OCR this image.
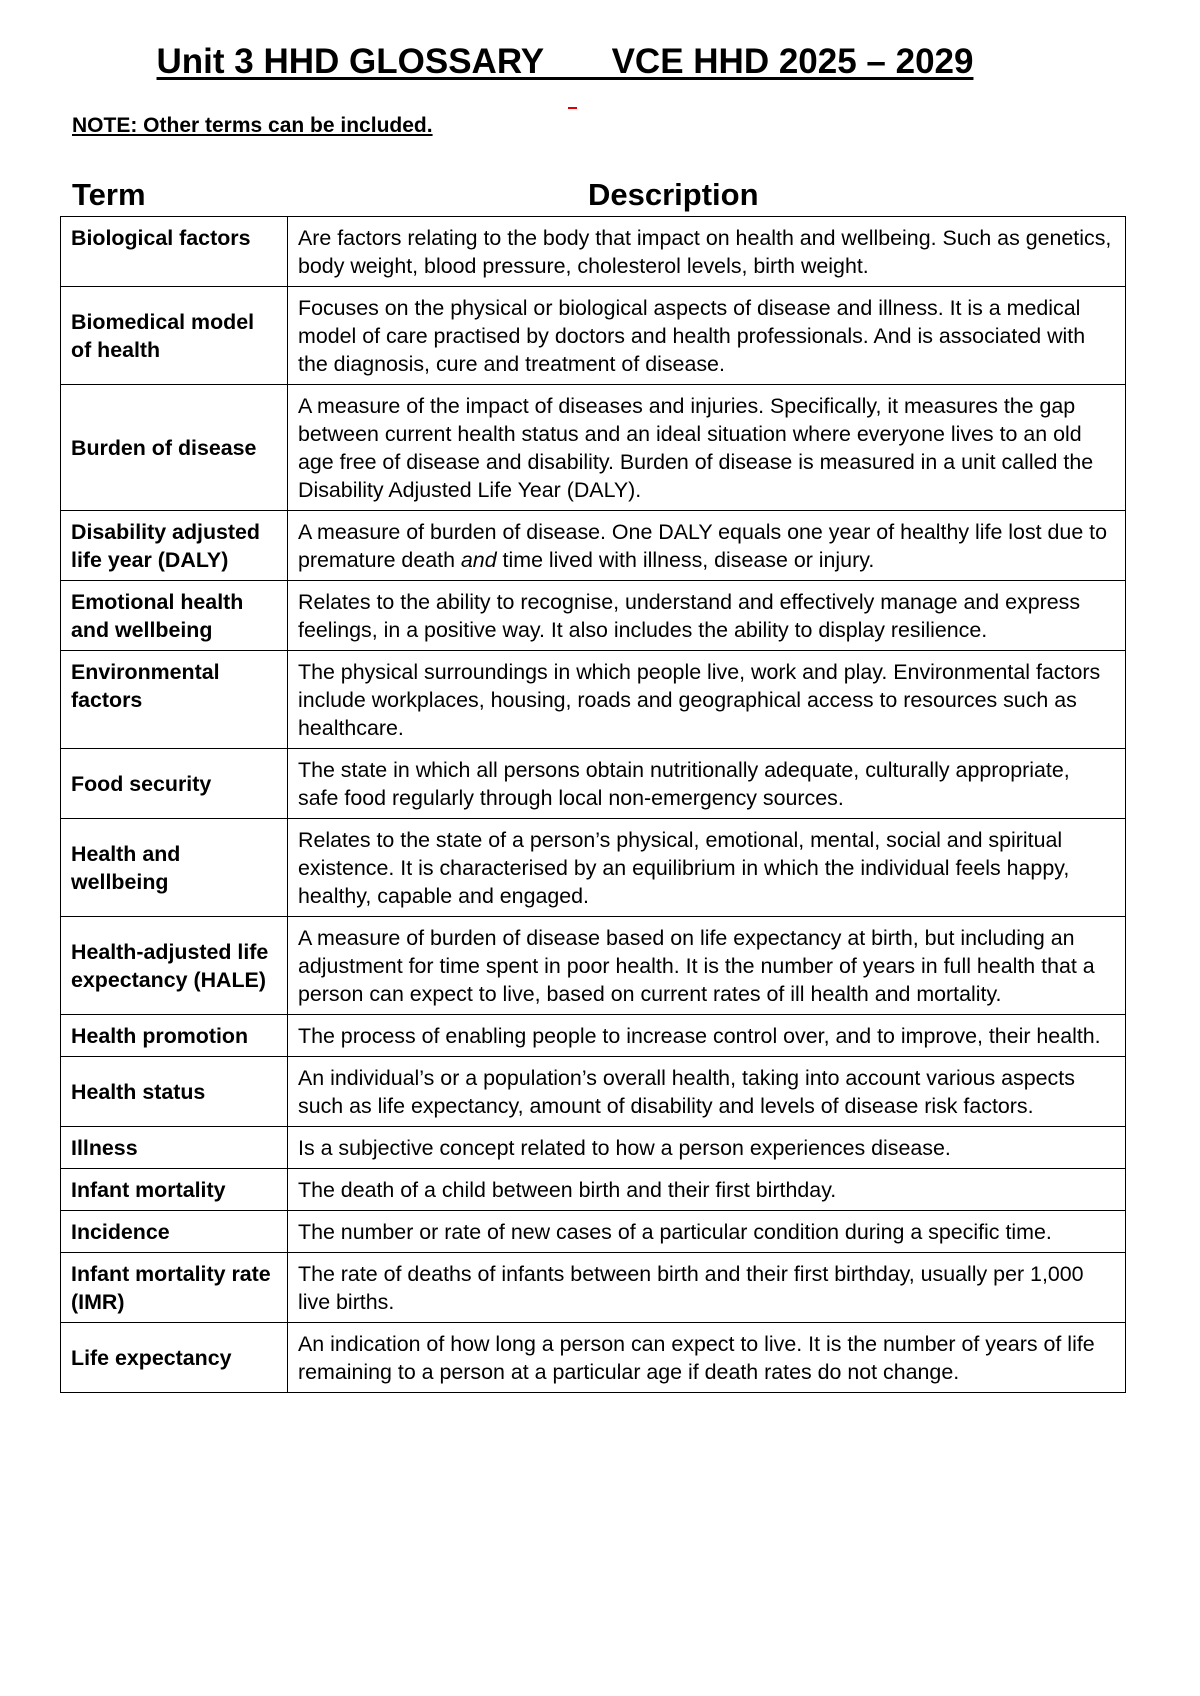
Unit 3 HHD GLOSSARY       VCE HHD 2025 – 2029
NOTE: Other terms can be included.
Term	Description
Biological factors	Are factors relating to the body that impact on health and wellbeing. Such as genetics, body weight, blood pressure, cholesterol levels, birth weight.
Biomedical model of health	Focuses on the physical or biological aspects of disease and illness. It is a medical model of care practised by doctors and health professionals. And is associated with the diagnosis, cure and treatment of disease.
Burden of disease	A measure of the impact of diseases and injuries. Specifically, it measures the gap between current health status and an ideal situation where everyone lives to an old age free of disease and disability. Burden of disease is measured in a unit called the Disability Adjusted Life Year (DALY).
Disability adjusted life year (DALY)	A measure of burden of disease. One DALY equals one year of healthy life lost due to premature death and time lived with illness, disease or injury.
Emotional health and wellbeing	Relates to the ability to recognise, understand and effectively manage and express feelings, in a positive way. It also includes the ability to display resilience.
Environmental factors	The physical surroundings in which people live, work and play. Environmental factors include workplaces, housing, roads and geographical access to resources such as healthcare.
Food security	The state in which all persons obtain nutritionally adequate, culturally appropriate, safe food regularly through local non-emergency sources.
Health and wellbeing	Relates to the state of a person’s physical, emotional, mental, social and spiritual existence. It is characterised by an equilibrium in which the individual feels happy, healthy, capable and engaged.
Health-adjusted life expectancy (HALE)	A measure of burden of disease based on life expectancy at birth, but including an adjustment for time spent in poor health. It is the number of years in full health that a person can expect to live, based on current rates of ill health and mortality.
Health promotion	The process of enabling people to increase control over, and to improve, their health.
Health status	An individual’s or a population’s overall health, taking into account various aspects such as life expectancy, amount of disability and levels of disease risk factors.
Illness	Is a subjective concept related to how a person experiences disease.
Infant mortality	The death of a child between birth and their first birthday.
Incidence	The number or rate of new cases of a particular condition during a specific time.
Infant mortality rate (IMR)	The rate of deaths of infants between birth and their first birthday, usually per 1,000 live births.
Life expectancy	An indication of how long a person can expect to live. It is the number of years of life remaining to a person at a particular age if death rates do not change.
